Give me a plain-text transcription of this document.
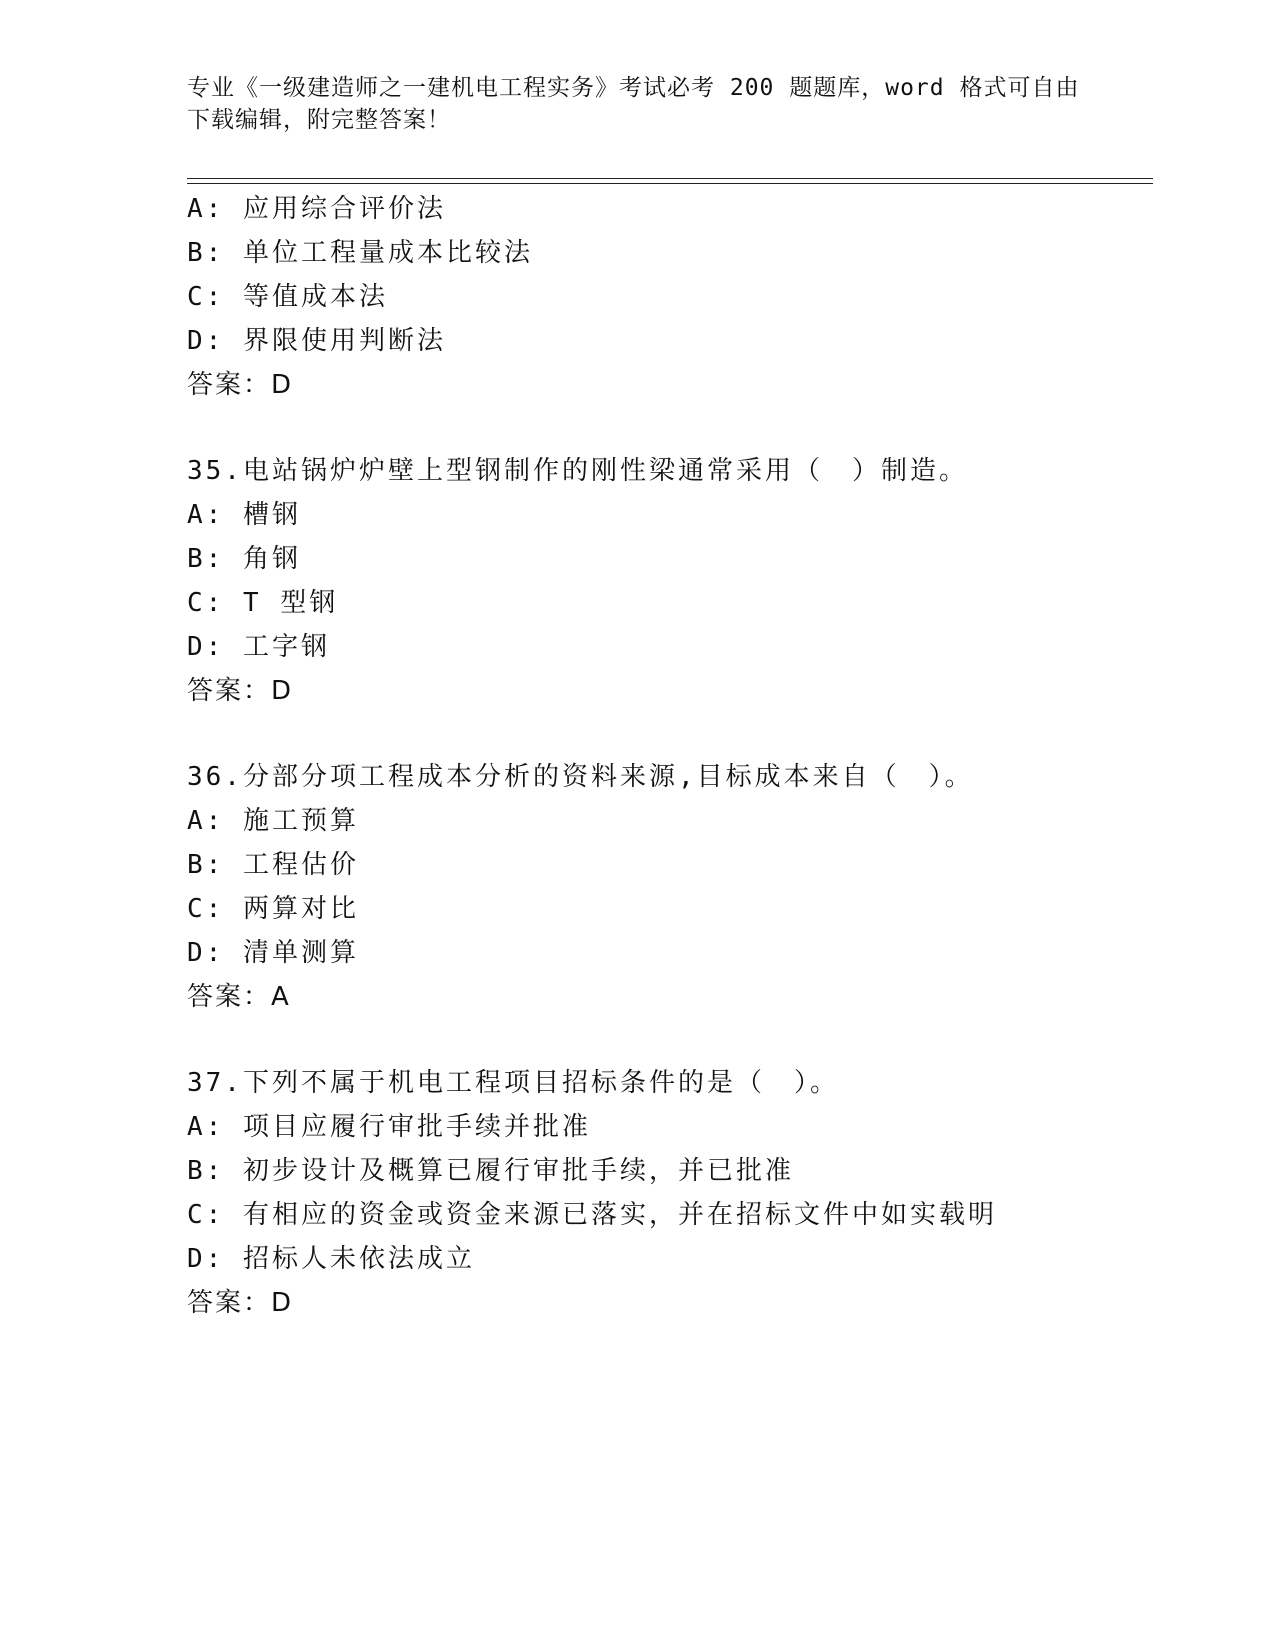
专业《一级建造师之一建机电工程实务》考试必考 200 题题库，word 格式可自由
下载编辑，附完整答案！
A: 应用综合评价法
B: 单位工程量成本比较法
C: 等值成本法
D: 界限使用判断法
答案：D
35.电站锅炉炉壁上型钢制作的刚性梁通常采用（　）制造。
A: 槽钢
B: 角钢
C: T 型钢
D: 工字钢
答案：D
36.分部分项工程成本分析的资料来源,目标成本来自（　）。
A: 施工预算
B: 工程估价
C: 两算对比
D: 清单测算
答案：A
37.下列不属于机电工程项目招标条件的是（　）。
A: 项目应履行审批手续并批准
B: 初步设计及概算已履行审批手续，并已批准
C: 有相应的资金或资金来源已落实，并在招标文件中如实载明
D: 招标人未依法成立
答案：D
